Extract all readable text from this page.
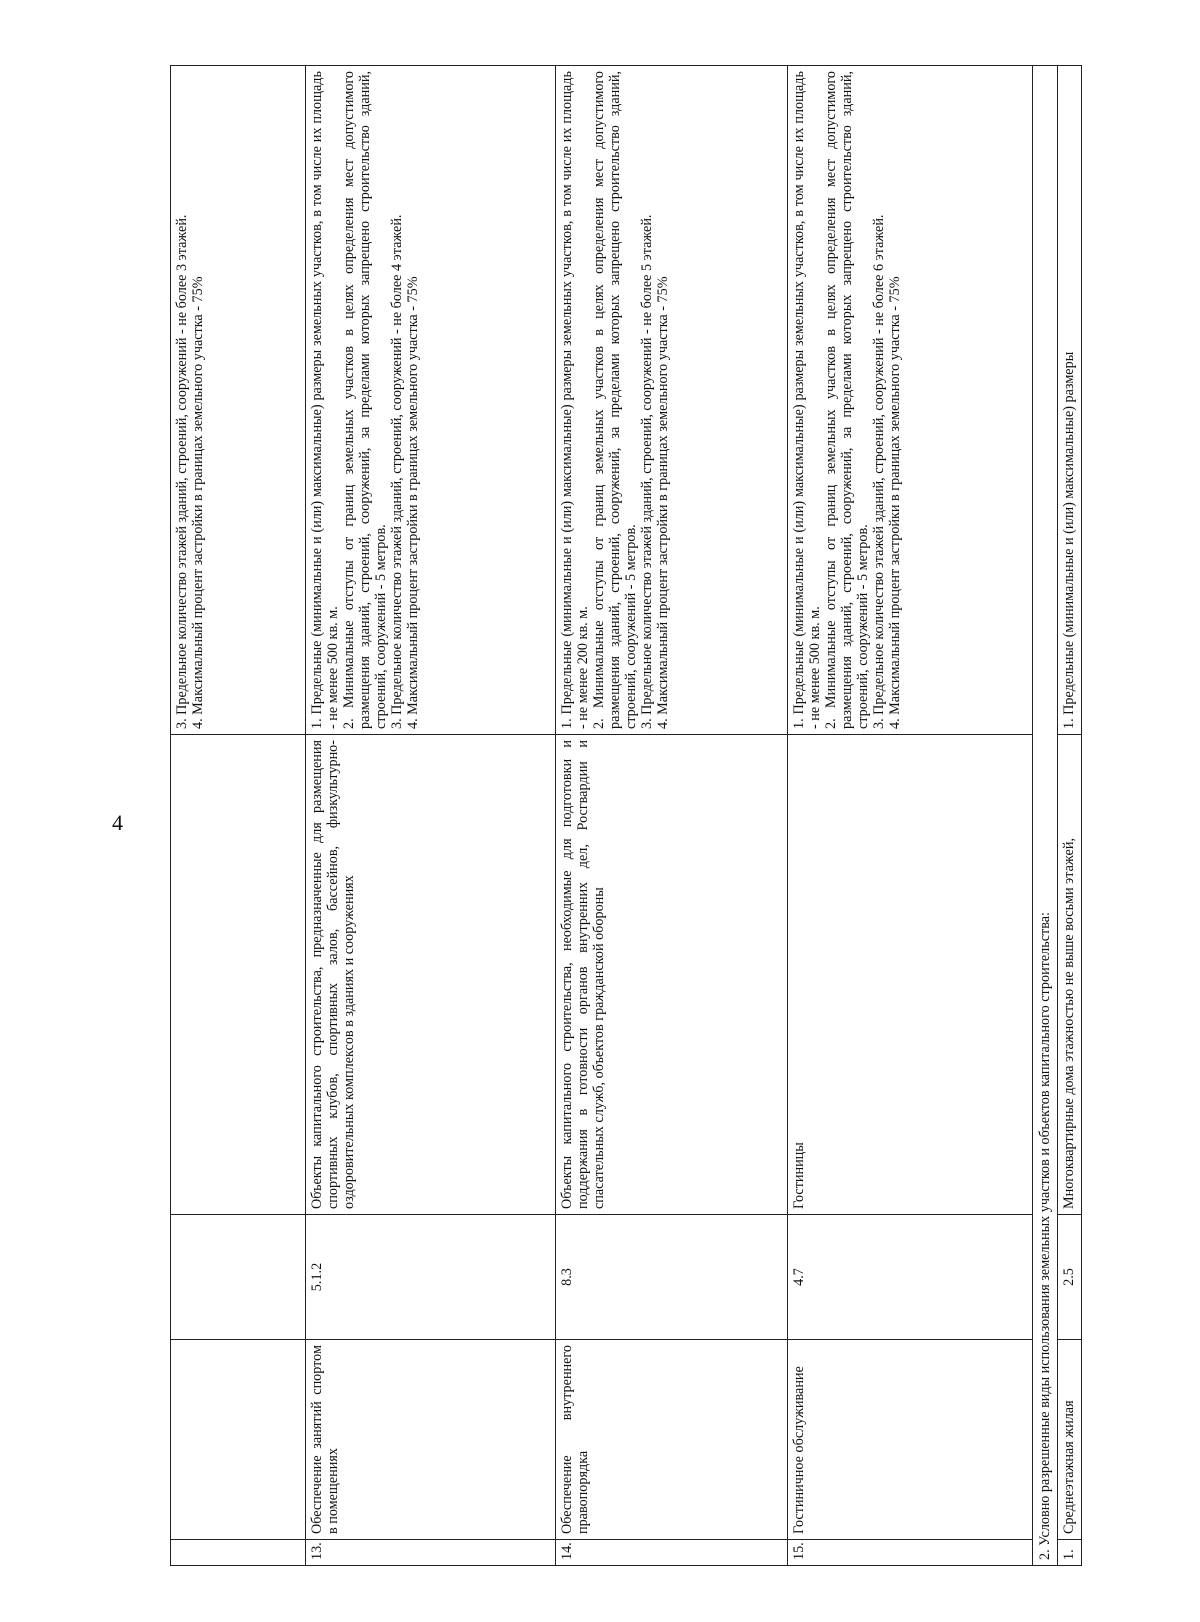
4

				3. Предельное количество этажей зданий, строений, сооружений - не более 3 этажей. 4. Максимальный процент застройки в границах земельного участка - 75%

13.	Обеспечение занятий спортом в помещениях	5.1.2	Объекты капитального строительства, предназначенные для размещения спортивных клубов, спортивных залов, бассейнов, физкультурно-оздоровительных комплексов в зданиях и сооружениях	1. Предельные (минимальные и (или) максимальные) размеры земельных участков, в том числе их площадь - не менее 500 кв. м. 2. Минимальные отступы от границ земельных участков в целях определения мест допустимого размещения зданий, строений, сооружений, за пределами которых запрещено строительство зданий, строений, сооружений - 5 метров. 3. Предельное количество этажей зданий, строений, сооружений - не более 4 этажей. 4. Максимальный процент застройки в границах земельного участка - 75%

14.	Обеспечение внутреннего правопорядка	8.3	Объекты капитального строительства, необходимые для подготовки и поддержания в готовности органов внутренних дел, Росгвардии и спасательных служб, объектов гражданской обороны	1. Предельные (минимальные и (или) максимальные) размеры земельных участков, в том числе их площадь - не менее 200 кв. м. 2. Минимальные отступы от границ земельных участков в целях определения мест допустимого размещения зданий, строений, сооружений, за пределами которых запрещено строительство зданий, строений, сооружений - 5 метров. 3. Предельное количество этажей зданий, строений, сооружений - не более 5 этажей. 4. Максимальный процент застройки в границах земельного участка - 75%

15.	Гостиничное обслуживание	4.7	Гостиницы	1. Предельные (минимальные и (или) максимальные) размеры земельных участков, в том числе их площадь - не менее 500 кв. м. 2. Минимальные отступы от границ земельных участков в целях определения мест допустимого размещения зданий, строений, сооружений, за пределами которых запрещено строительство зданий, строений, сооружений - 5 метров. 3. Предельное количество этажей зданий, строений, сооружений - не более 6 этажей. 4. Максимальный процент застройки в границах земельного участка - 75%

2. Условно разрешенные виды использования земельных участков и объектов капитального строительства:				
1.	Среднеэтажная жилая	2.5	Многоквартирные дома этажностью не выше восьми этажей,	1. Предельные (минимальные и (или) максимальные) размеры
